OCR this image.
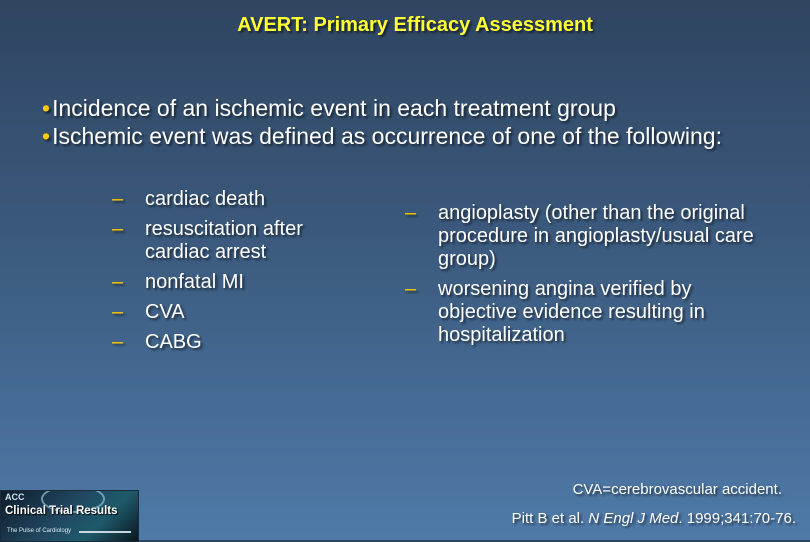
AVERT: Primary Efficacy Assessment

•Incidence of an ischemic event in each treatment group

•Ischemic event was defined as occurrence of one of the following:

–	cardiac death
–	resuscitation after cardiac arrest
–	nonfatal MI
–	CVA
–	CABG
–	angioplasty (other than the original procedure in angioplasty/usual care group)
–	worsening angina verified by objective evidence resulting in hospitalization
CVA=cerebrovascular accident.
Pitt B et al. N Engl J Med. 1999;341:70-76.
ACC
Clinical Trial Results
The Pulse of Cardiology
